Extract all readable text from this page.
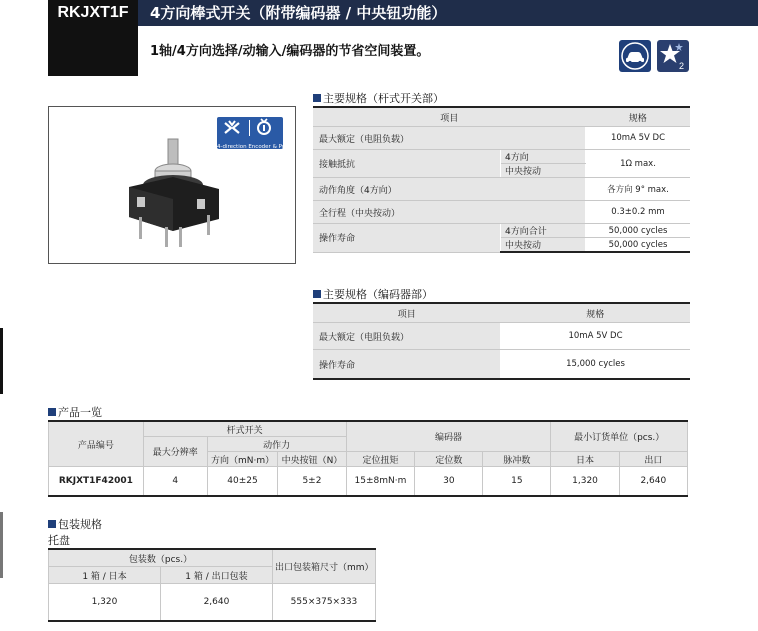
RKJXT1F	4方向棒式开关（附带编码器 / 中央钮功能）
1轴/4方向选择/动输入/编码器的节省空间装置。
2
4-direction Encoder & Push
主要规格（杆式开关部）
项目		规格
最大额定（电阻负载）		10mA 5V DC
接触抵抗	4方向	1Ω max.
	中央按动	
动作角度（4方向）		各方向 9° max.
全行程（中央按动）		0.3±0.2 mm
操作寿命	4方向合计	50,000 cycles
	中央按动	50,000 cycles
主要规格（编码器部）
项目	规格
最大额定（电阻负载）	10mA 5V DC
操作寿命	15,000 cycles
产品一览
产品编号	杆式开关			编码器			最小订货单位（pcs.）	
	最大分辨率	动作力						
		方向（mN·m）	中央按钮（N）	定位扭矩	定位数	脉冲数	日本	出口
RKJXT1F42001	4	40±25	5±2	15±8mN·m	30	15	1,320	2,640
包装规格
托盘
包装数（pcs.）		出口包装箱尺寸（mm）
1 箱 / 日本	1 箱 / 出口包装	
1,320	2,640	555×375×333
